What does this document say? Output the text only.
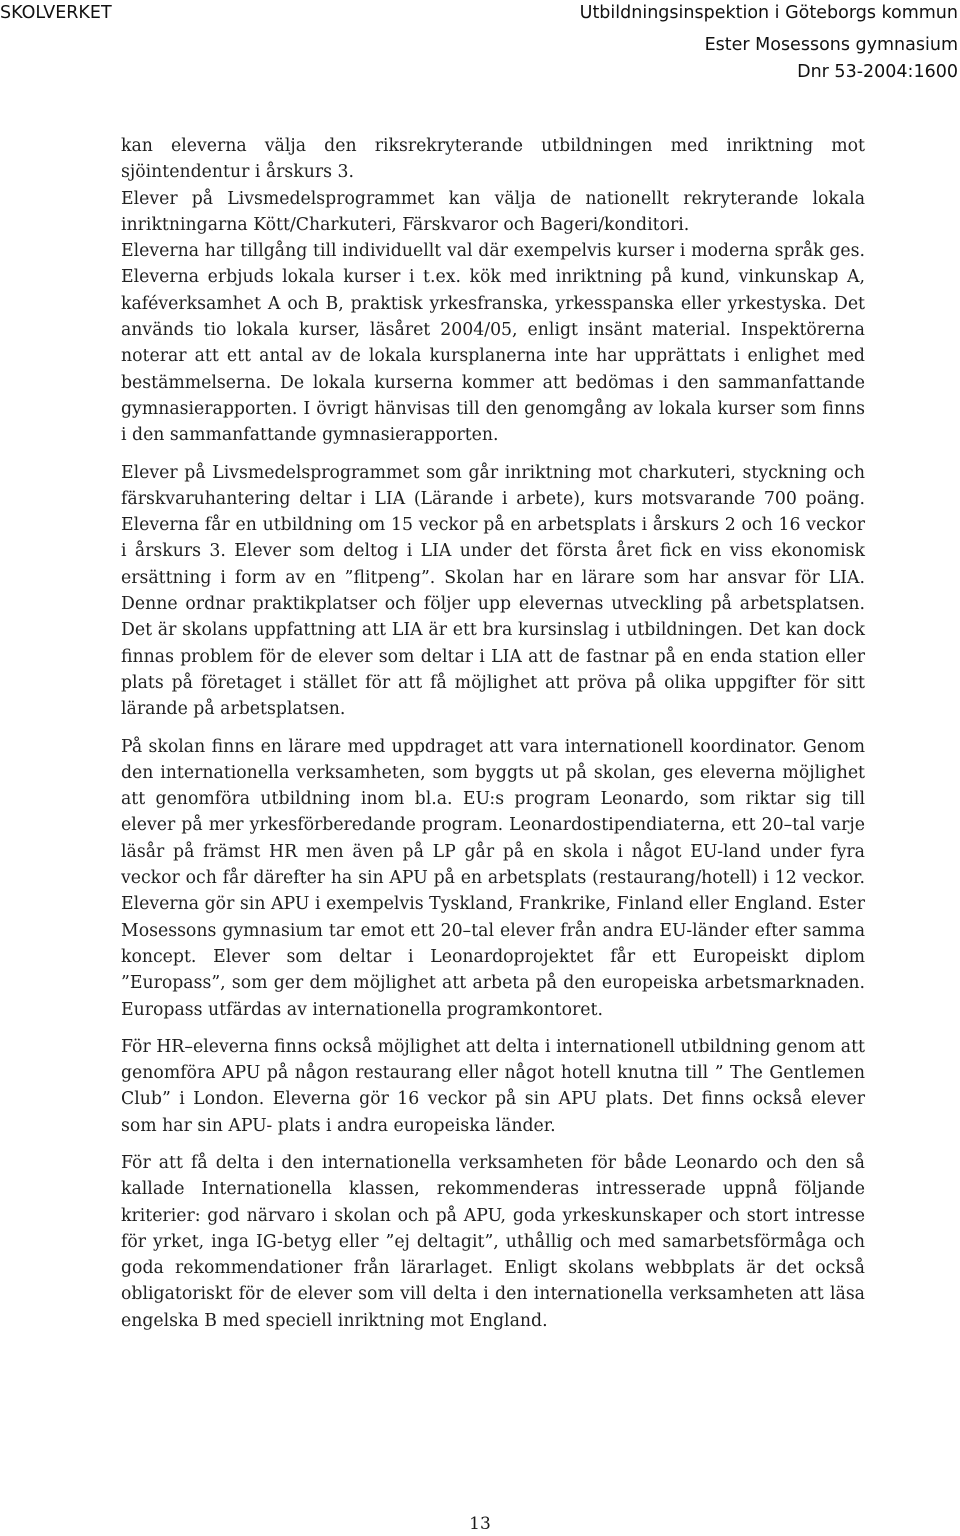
SKOLVERKET	Utbildningsinspektion i Göteborgs kommun
Ester Mosessons gymnasium
Dnr 53-2004:1600

kan eleverna välja den riksrekryterande utbildningen med inriktning mot sjöintendentur i årskurs 3.

Elever på Livsmedelsprogrammet kan välja de nationellt rekryterande lokala inriktningarna Kött/Charkuteri, Färskvaror och Bageri/konditori.

Eleverna har tillgång till individuellt val där exempelvis kurser i moderna språk ges. Eleverna erbjuds lokala kurser i t.ex. kök med inriktning på kund, vinkunskap A, kaféverksamhet A och B, praktisk yrkesfranska, yrkesspanska eller yrkestyska. Det används tio lokala kurser, läsåret 2004/05, enligt insänt material. Inspektörerna noterar att ett antal av de lokala kursplanerna inte har upprättats i enlighet med bestämmelserna. De lokala kurserna kommer att bedömas i den sammanfattande gymnasierapporten. I övrigt hänvisas till den genomgång av lokala kurser som finns i den sammanfattande gymnasierapporten.

Elever på Livsmedelsprogrammet som går inriktning mot charkuteri, styckning och färskvaruhantering deltar i LIA (Lärande i arbete), kurs motsvarande 700 poäng. Eleverna får en utbildning om 15 veckor på en arbetsplats i årskurs 2 och 16 veckor i årskurs 3. Elever som deltog i LIA under det första året fick en viss ekonomisk ersättning i form av en ”flitpeng”. Skolan har en lärare som har ansvar för LIA. Denne ordnar praktikplatser och följer upp elevernas utveckling på arbetsplatsen. Det är skolans uppfattning att LIA är ett bra kursinslag i utbildningen. Det kan dock finnas problem för de elever som deltar i LIA att de fastnar på en enda station eller plats på företaget i stället för att få möjlighet att pröva på olika uppgifter för sitt lärande på arbetsplatsen.

På skolan finns en lärare med uppdraget att vara internationell koordinator. Genom den internationella verksamheten, som byggts ut på skolan, ges eleverna möjlighet att genomföra utbildning inom bl.a. EU:s program Leonardo, som riktar sig till elever på mer yrkesförberedande program. Leonardostipendiaterna, ett 20–tal varje läsår på främst HR men även på LP går på en skola i något EU-land under fyra veckor och får därefter ha sin APU på en arbetsplats (restaurang/hotell) i 12 veckor. Eleverna gör sin APU i exempelvis Tyskland, Frankrike, Finland eller England. Ester Mosessons gymnasium tar emot ett 20–tal elever från andra EU-länder efter samma koncept. Elever som deltar i Leonardoprojektet får ett Europeiskt diplom ”Europass”, som ger dem möjlighet att arbeta på den europeiska arbetsmarknaden. Europass utfärdas av internationella programkontoret.

För HR–eleverna finns också möjlighet att delta i internationell utbildning genom att genomföra APU på någon restaurang eller något hotell knutna till ” The Gentlemen Club” i London. Eleverna gör 16 veckor på sin APU plats. Det finns också elever som har sin APU- plats i andra europeiska länder.

För att få delta i den internationella verksamheten för både Leonardo och den så kallade Internationella klassen, rekommenderas intresserade uppnå följande kriterier: god närvaro i skolan och på APU, goda yrkeskunskaper och stort intresse för yrket, inga IG-betyg eller ”ej deltagit”, uthållig och med samarbetsförmåga och goda rekommendationer från lärarlaget. Enligt skolans webbplats är det också obligatoriskt för de elever som vill delta i den internationella verksamheten att läsa engelska B med speciell inriktning mot England.

13
